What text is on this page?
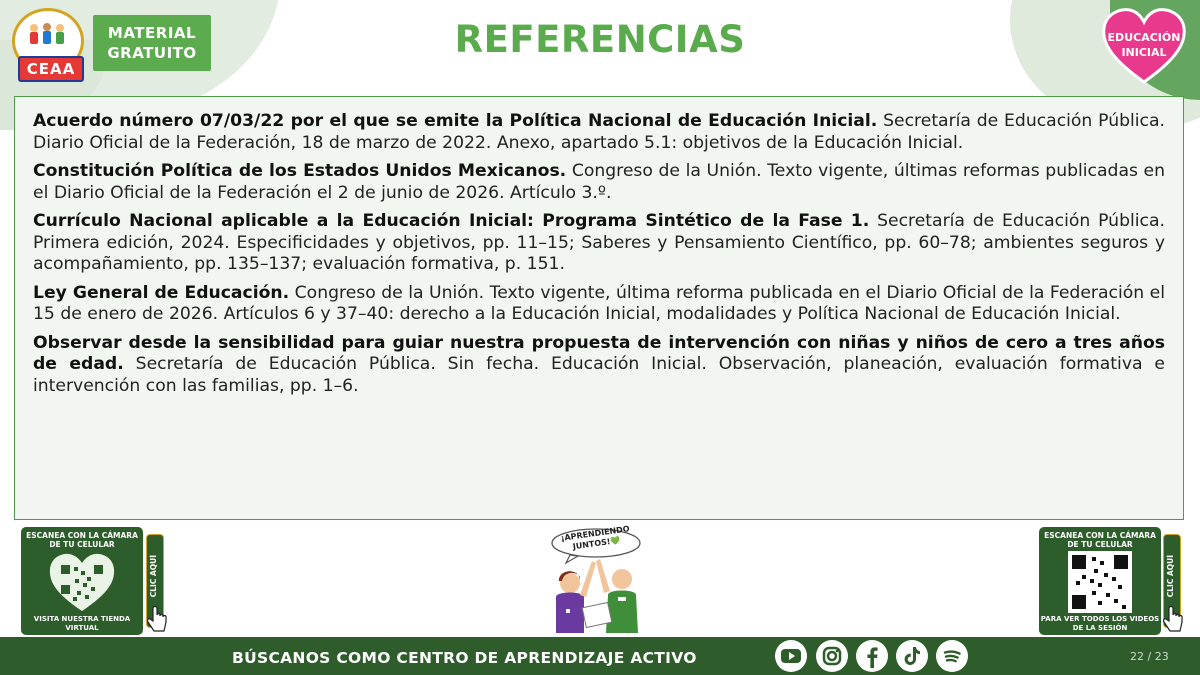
CEAA
MATERIAL
GRATUITO	REFERENCIAS	EDUCACIÓN
INICIAL

Acuerdo número 07/03/22 por el que se emite la Política Nacional de Educación Inicial. Secretaría de Educación Pública. Diario Oficial de la Federación, 18 de marzo de 2022. Anexo, apartado 5.1: objetivos de la Educación Inicial.

Constitución Política de los Estados Unidos Mexicanos. Congreso de la Unión. Texto vigente, últimas reformas publicadas en el Diario Oficial de la Federación el 2 de junio de 2026. Artículo 3.º.

Currículo Nacional aplicable a la Educación Inicial: Programa Sintético de la Fase 1. Secretaría de Educación Pública. Primera edición, 2024. Especificidades y objetivos, pp. 11–15; Saberes y Pensamiento Científico, pp. 60–78; ambientes seguros y acompañamiento, pp. 135–137; evaluación formativa, p. 151.

Ley General de Educación. Congreso de la Unión. Texto vigente, última reforma publicada en el Diario Oficial de la Federación el 15 de enero de 2026. Artículos 6 y 37–40: derecho a la Educación Inicial, modalidades y Política Nacional de Educación Inicial.

Observar desde la sensibilidad para guiar nuestra propuesta de intervención con niñas y niños de cero a tres años de edad. Secretaría de Educación Pública. Sin fecha. Educación Inicial. Observación, planeación, evaluación formativa e intervención con las familias, pp. 1–6.

ESCANEA CON LA CÁMARA DE TU CELULAR
VISITA NUESTRA TIENDA VIRTUAL
CLIC AQUÍ
¡APRENDIENDO JUNTOS!💚
ESCANEA CON LA CÁMARA DE TU CELULAR
PARA VER TODOS LOS VIDEOS DE LA SESIÓN
CLIC AQUÍ
BÚSCANOS COMO CENTRO DE APRENDIZAJE ACTIVO	22 / 23
